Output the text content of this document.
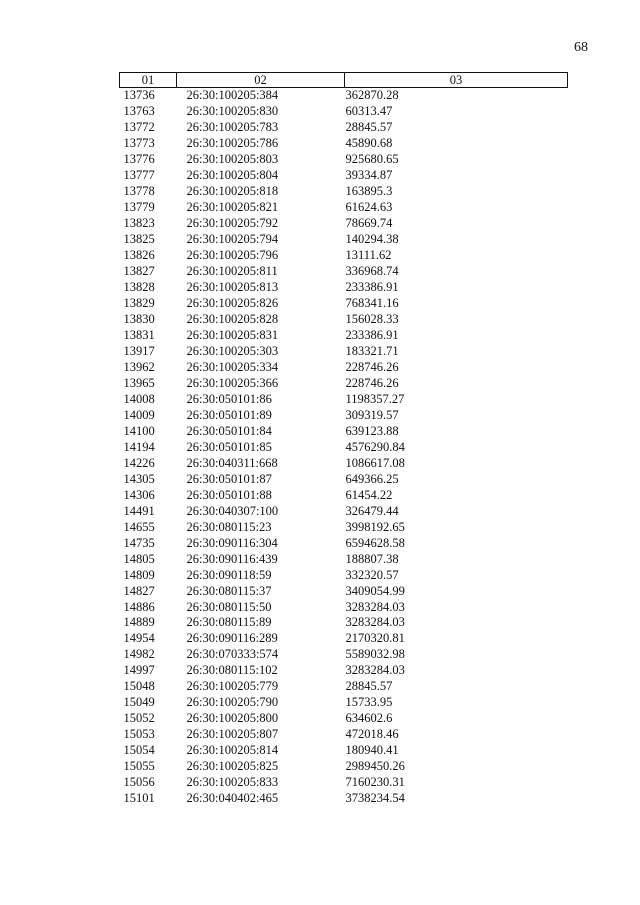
68
01	02	03
13736	26:30:100205:384	362870.28
13763	26:30:100205:830	60313.47
13772	26:30:100205:783	28845.57
13773	26:30:100205:786	45890.68
13776	26:30:100205:803	925680.65
13777	26:30:100205:804	39334.87
13778	26:30:100205:818	163895.3
13779	26:30:100205:821	61624.63
13823	26:30:100205:792	78669.74
13825	26:30:100205:794	140294.38
13826	26:30:100205:796	13111.62
13827	26:30:100205:811	336968.74
13828	26:30:100205:813	233386.91
13829	26:30:100205:826	768341.16
13830	26:30:100205:828	156028.33
13831	26:30:100205:831	233386.91
13917	26:30:100205:303	183321.71
13962	26:30:100205:334	228746.26
13965	26:30:100205:366	228746.26
14008	26:30:050101:86	1198357.27
14009	26:30:050101:89	309319.57
14100	26:30:050101:84	639123.88
14194	26:30:050101:85	4576290.84
14226	26:30:040311:668	1086617.08
14305	26:30:050101:87	649366.25
14306	26:30:050101:88	61454.22
14491	26:30:040307:100	326479.44
14655	26:30:080115:23	3998192.65
14735	26:30:090116:304	6594628.58
14805	26:30:090116:439	188807.38
14809	26:30:090118:59	332320.57
14827	26:30:080115:37	3409054.99
14886	26:30:080115:50	3283284.03
14889	26:30:080115:89	3283284.03
14954	26:30:090116:289	2170320.81
14982	26:30:070333:574	5589032.98
14997	26:30:080115:102	3283284.03
15048	26:30:100205:779	28845.57
15049	26:30:100205:790	15733.95
15052	26:30:100205:800	634602.6
15053	26:30:100205:807	472018.46
15054	26:30:100205:814	180940.41
15055	26:30:100205:825	2989450.26
15056	26:30:100205:833	7160230.31
15101	26:30:040402:465	3738234.54
